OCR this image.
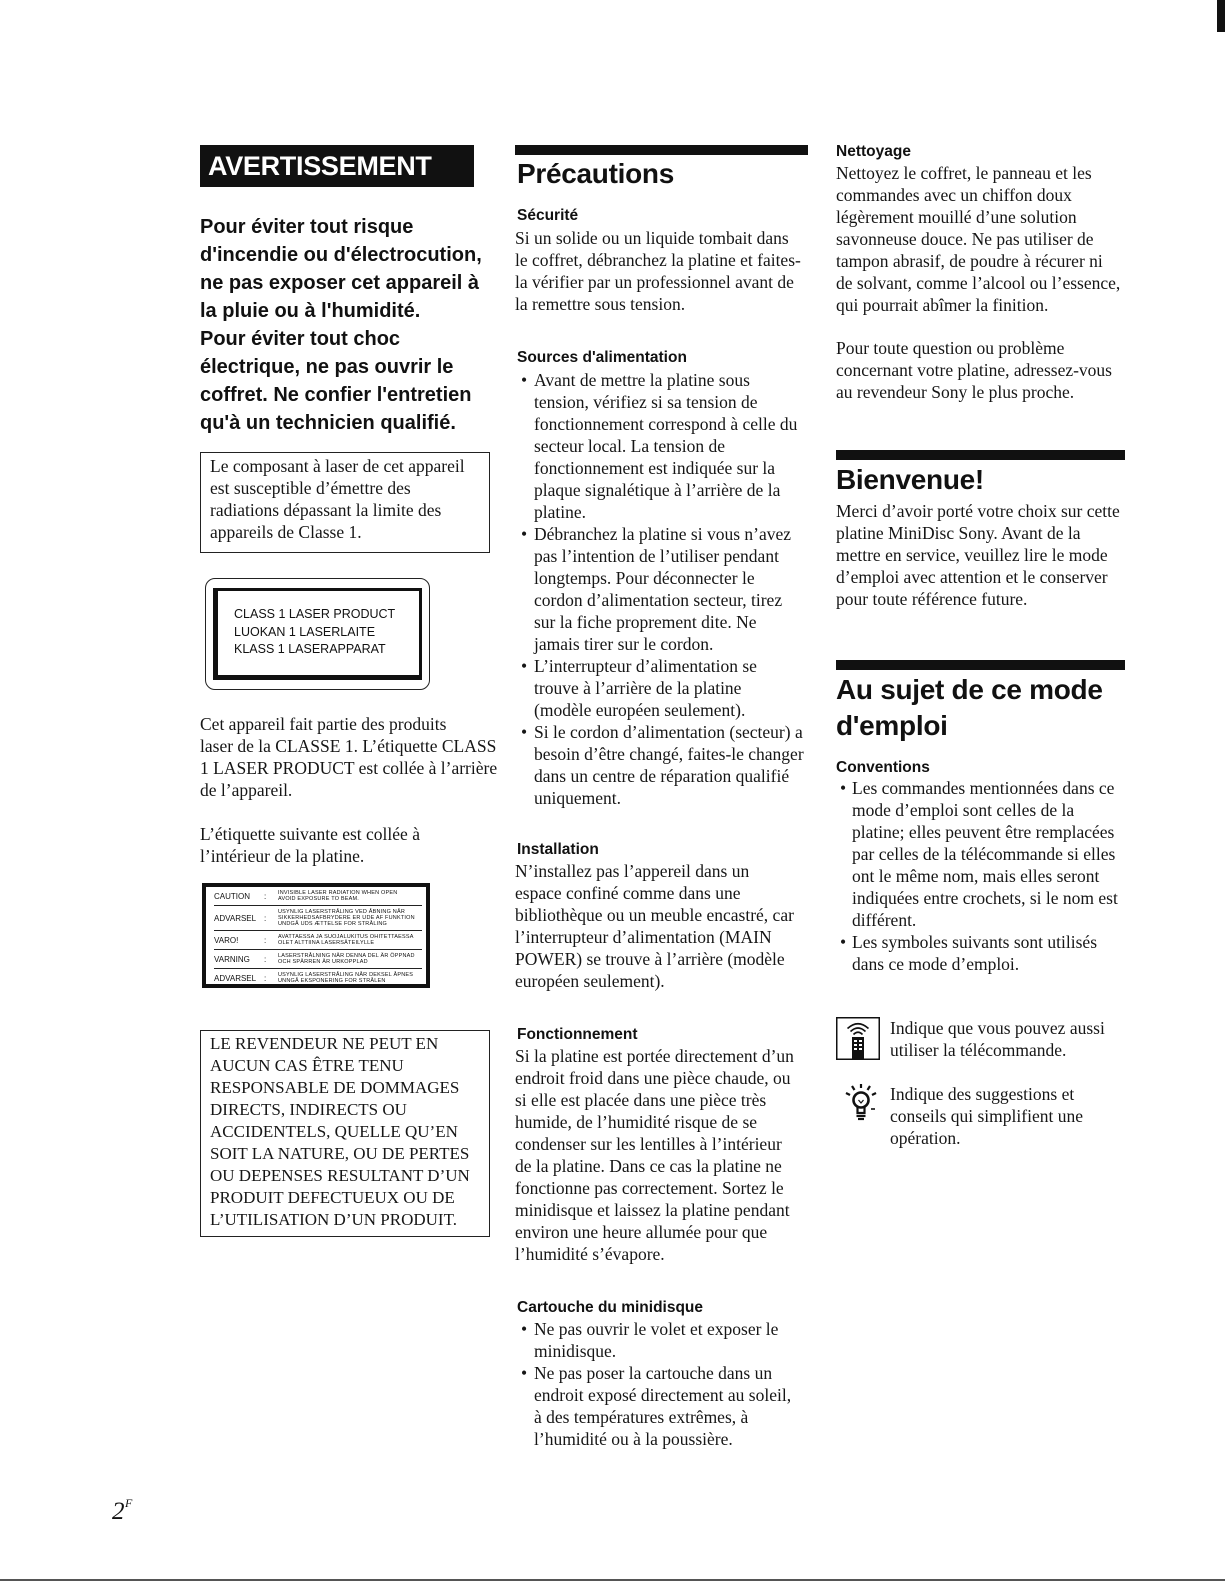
AVERTISSEMENT
Pour éviter tout risque
d'incendie ou d'électrocution,
ne pas exposer cet appareil à
la pluie ou à l'humidité.
Pour éviter tout choc
électrique, ne pas ouvrir le
coffret. Ne confier l'entretien
qu'à un technicien qualifié.

Le composant à laser de cet appareil
est susceptible d’émettre des
radiations dépassant la limite des
appareils de Classe 1.

CLASS 1 LASER PRODUCT
LUOKAN 1 LASERLAITE
KLASS 1 LASERAPPARAT

Cet appareil fait partie des produits
laser de la CLASSE 1. L’étiquette CLASS
1 LASER PRODUCT est collée à l’arrière
de l’appareil.

L’étiquette suivante est collée à
l’intérieur de la platine.

CAUTION	:	INVISIBLE LASER RADIATION WHEN OPEN
AVOID EXPOSURE TO BEAM.
ADVARSEL :
USYNLIG LASERSTRÅLING VED ÅBNING NÅR
SIKKERHEDSAFBRYDERE ER UDE AF FUNKTION
UNDGÅ UDS ÆTTELSE FOR STRÅLING
VARO!	:	AVATTAESSA JA SUOJALUKITUS OHITETTAESSA
OLET ALTTIINA LASERSÄTEILYLLE
VARNING	:	LASERSTRÅLNING NÄR DENNA DEL ÄR ÖPPNAD
OCH SPÄRREN ÄR URKOPPLAD
ADVARSEL :	USYNLIG LASERSTRÅLING NÅR DEKSEL ÅPNES
UNNGÅ EKSPONERING FOR STRÅLEN

LE REVENDEUR NE PEUT EN
AUCUN CAS ÊTRE TENU
RESPONSABLE DE DOMMAGES
DIRECTS, INDIRECTS OU
ACCIDENTELS, QUELLE QU’EN
SOIT LA NATURE, OU DE PERTES
OU DEPENSES RESULTANT D’UN
PRODUIT DEFECTUEUX OU DE
L’UTILISATION D’UN PRODUIT.

Précautions
Sécurité

Si un solide ou un liquide tombait dans
le coffret, débranchez la platine et faites-
la vérifier par un professionnel avant de
la remettre sous tension.

Sources d'alimentation
• Avant de mettre la platine sous
tension, vérifiez si sa tension de
fonctionnement correspond à celle du
secteur local. La tension de
fonctionnement est indiquée sur la
plaque signalétique à l’arrière de la
platine.
• Débranchez la platine si vous n’avez
pas l’intention de l’utiliser pendant
longtemps. Pour déconnecter le
cordon d’alimentation secteur, tirez
sur la fiche proprement dite. Ne
jamais tirer sur le cordon.
• L’interrupteur d’alimentation se
trouve à l’arrière de la platine
(modèle européen seulement).
• Si le cordon d’alimentation (secteur) a
besoin d’être changé, faites-le changer
dans un centre de réparation qualifié
uniquement.
Installation

N’installez pas l’appereil dans un
espace confiné comme dans une
bibliothèque ou un meuble encastré, car
l’interrupteur d’alimentation (MAIN
POWER) se trouve à l’arrière (modèle
européen seulement).

Fonctionnement

Si la platine est portée directement d’un
endroit froid dans une pièce chaude, ou
si elle est placée dans une pièce très
humide, de l’humidité risque de se
condenser sur les lentilles à l’intérieur
de la platine. Dans ce cas la platine ne
fonctionne pas correctement. Sortez le
minidisque et laissez la platine pendant
environ une heure allumée pour que
l’humidité s’évapore.

Cartouche du minidisque
• Ne pas ouvrir le volet et exposer le
minidisque.
• Ne pas poser la cartouche dans un
endroit exposé directement au soleil,
à des températures extrêmes, à
l’humidité ou à la poussière.
Nettoyage

Nettoyez le coffret, le panneau et les
commandes avec un chiffon doux
légèrement mouillé d’une solution
savonneuse douce. Ne pas utiliser de
tampon abrasif, de poudre à récurer ni
de solvant, comme l’alcool ou l’essence,
qui pourrait abîmer la finition.

Pour toute question ou problème
concernant votre platine, adressez-vous
au revendeur Sony le plus proche.

Bienvenue!

Merci d’avoir porté votre choix sur cette
platine MiniDisc Sony. Avant de la
mettre en service, veuillez lire le mode
d’emploi avec attention et le conserver
pour toute référence future.

Au sujet de ce mode
d'emploi
Conventions
• Les commandes mentionnées dans ce
mode d’emploi sont celles de la
platine; elles peuvent être remplacées
par celles de la télécommande si elles
ont le même nom, mais elles seront
indiquées entre crochets, si le nom est
différent.
• Les symboles suivants sont utilisés
dans ce mode d’emploi.

Indique que vous pouvez aussi
utiliser la télécommande.

Indique des suggestions et
conseils qui simplifient une
opération.

2 F
